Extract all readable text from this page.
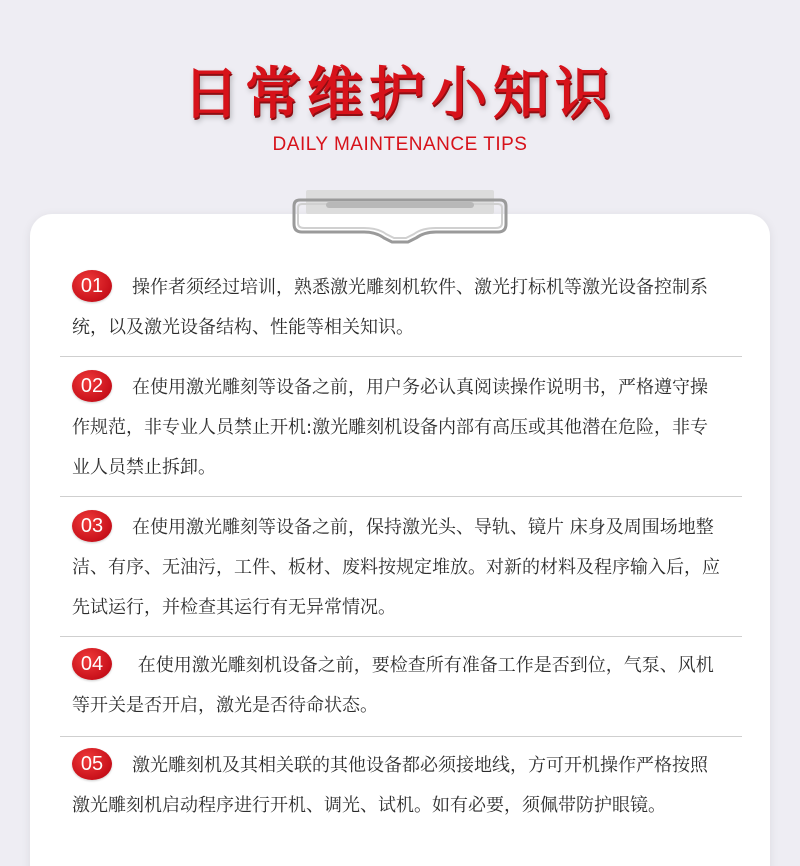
日常维护小知识
DAILY MAINTENANCE TIPS
01 操作者须经过培训，熟悉激光雕刻机软件、激光打标机等激光设备控制系统，以及激光设备结构、性能等相关知识。
02 在使用激光雕刻等设备之前，用户务必认真阅读操作说明书，严格遵守操作规范，非专业人员禁止开机:激光雕刻机设备内部有高压或其他潜在危险，非专业人员禁止拆卸。
03 在使用激光雕刻等设备之前，保持激光头、导轨、镜片 床身及周围场地整洁、有序、无油污，工件、板材、废料按规定堆放。对新的材料及程序输入后，应先试运行，并检查其运行有无异常情况。
04 在使用激光雕刻机设备之前，要检查所有准备工作是否到位，气泵、风机等开关是否开启，激光是否待命状态。
05 激光雕刻机及其相关联的其他设备都必须接地线，方可开机操作严格按照激光雕刻机启动程序进行开机、调光、试机。如有必要，须佩带防护眼镜。
